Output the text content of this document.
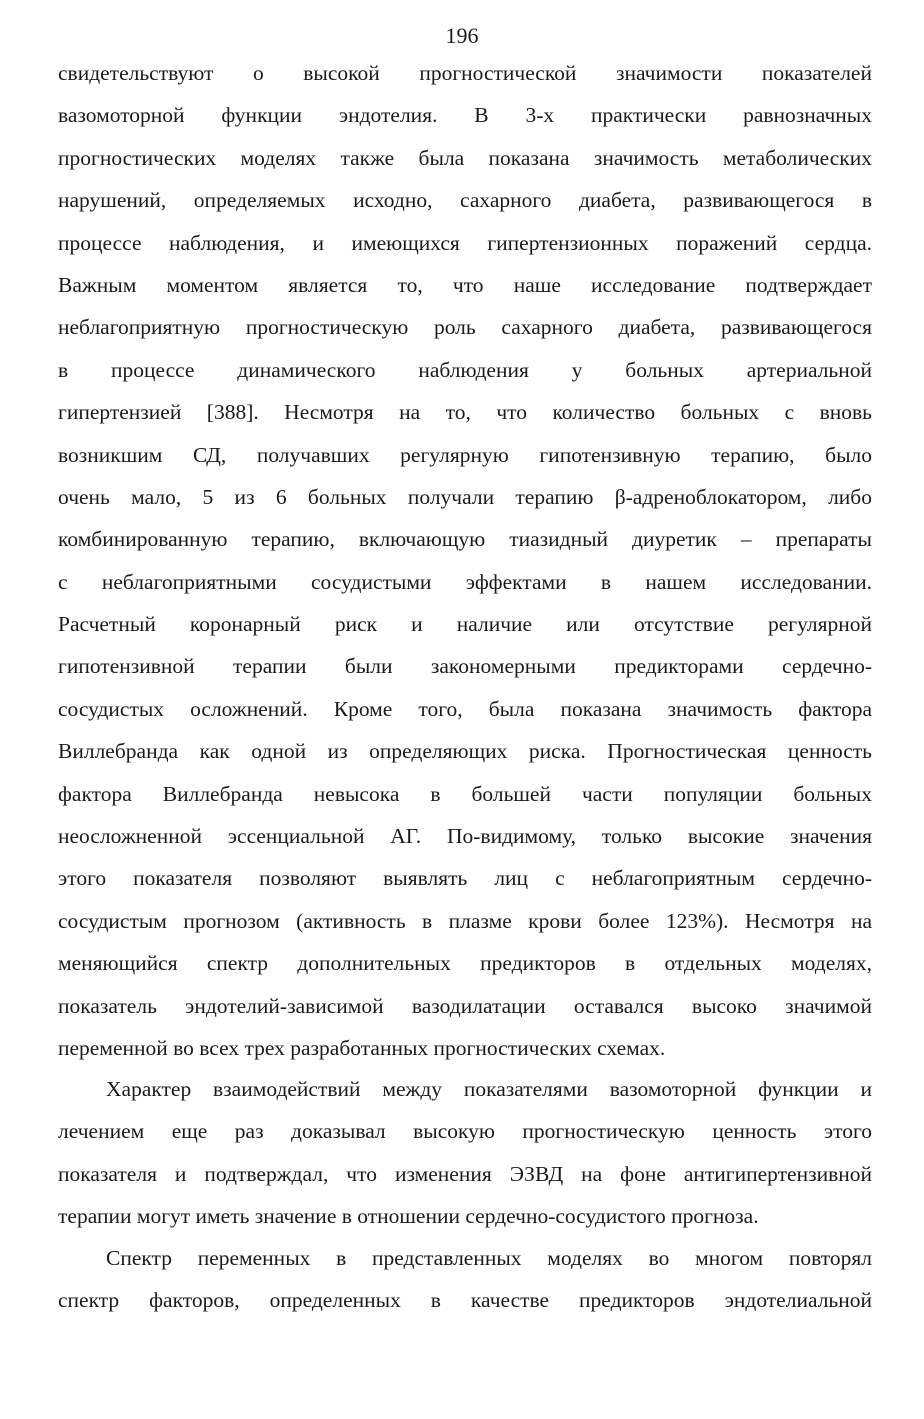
196
свидетельствуют о высокой прогностической значимости показателей
вазомоторной функции эндотелия. В 3-х практически равнозначных
прогностических моделях также была показана значимость метаболических
нарушений, определяемых исходно, сахарного диабета, развивающегося в
процессе наблюдения, и имеющихся гипертензионных поражений сердца.
Важным моментом является то, что наше исследование подтверждает
неблагоприятную прогностическую роль сахарного диабета, развивающегося
в процессе динамического наблюдения у больных артериальной
гипертензией [388]. Несмотря на то, что количество больных с вновь
возникшим СД, получавших регулярную гипотензивную терапию, было
очень мало, 5 из 6 больных получали терапию β-адреноблокатором, либо
комбинированную терапию, включающую тиазидный диуретик – препараты
с неблагоприятными сосудистыми эффектами в нашем исследовании.
Расчетный коронарный риск и наличие или отсутствие регулярной
гипотензивной терапии были закономерными предикторами сердечно-
сосудистых осложнений. Кроме того, была показана значимость фактора
Виллебранда как одной из определяющих риска. Прогностическая ценность
фактора Виллебранда невысока в большей части популяции больных
неосложненной эссенциальной АГ. По-видимому, только высокие значения
этого показателя позволяют выявлять лиц с неблагоприятным сердечно-
сосудистым прогнозом (активность в плазме крови более 123%). Несмотря на
меняющийся спектр дополнительных предикторов в отдельных моделях,
показатель эндотелий-зависимой вазодилатации оставался высоко значимой
переменной во всех трех разработанных прогностических схемах.
Характер взаимодействий между показателями вазомоторной функции и
лечением еще раз доказывал высокую прогностическую ценность этого
показателя и подтверждал, что изменения ЭЗВД на фоне антигипертензивной
терапии могут иметь значение в отношении сердечно-сосудистого прогноза.
Спектр переменных в представленных моделях во многом повторял
спектр факторов, определенных в качестве предикторов эндотелиальной
